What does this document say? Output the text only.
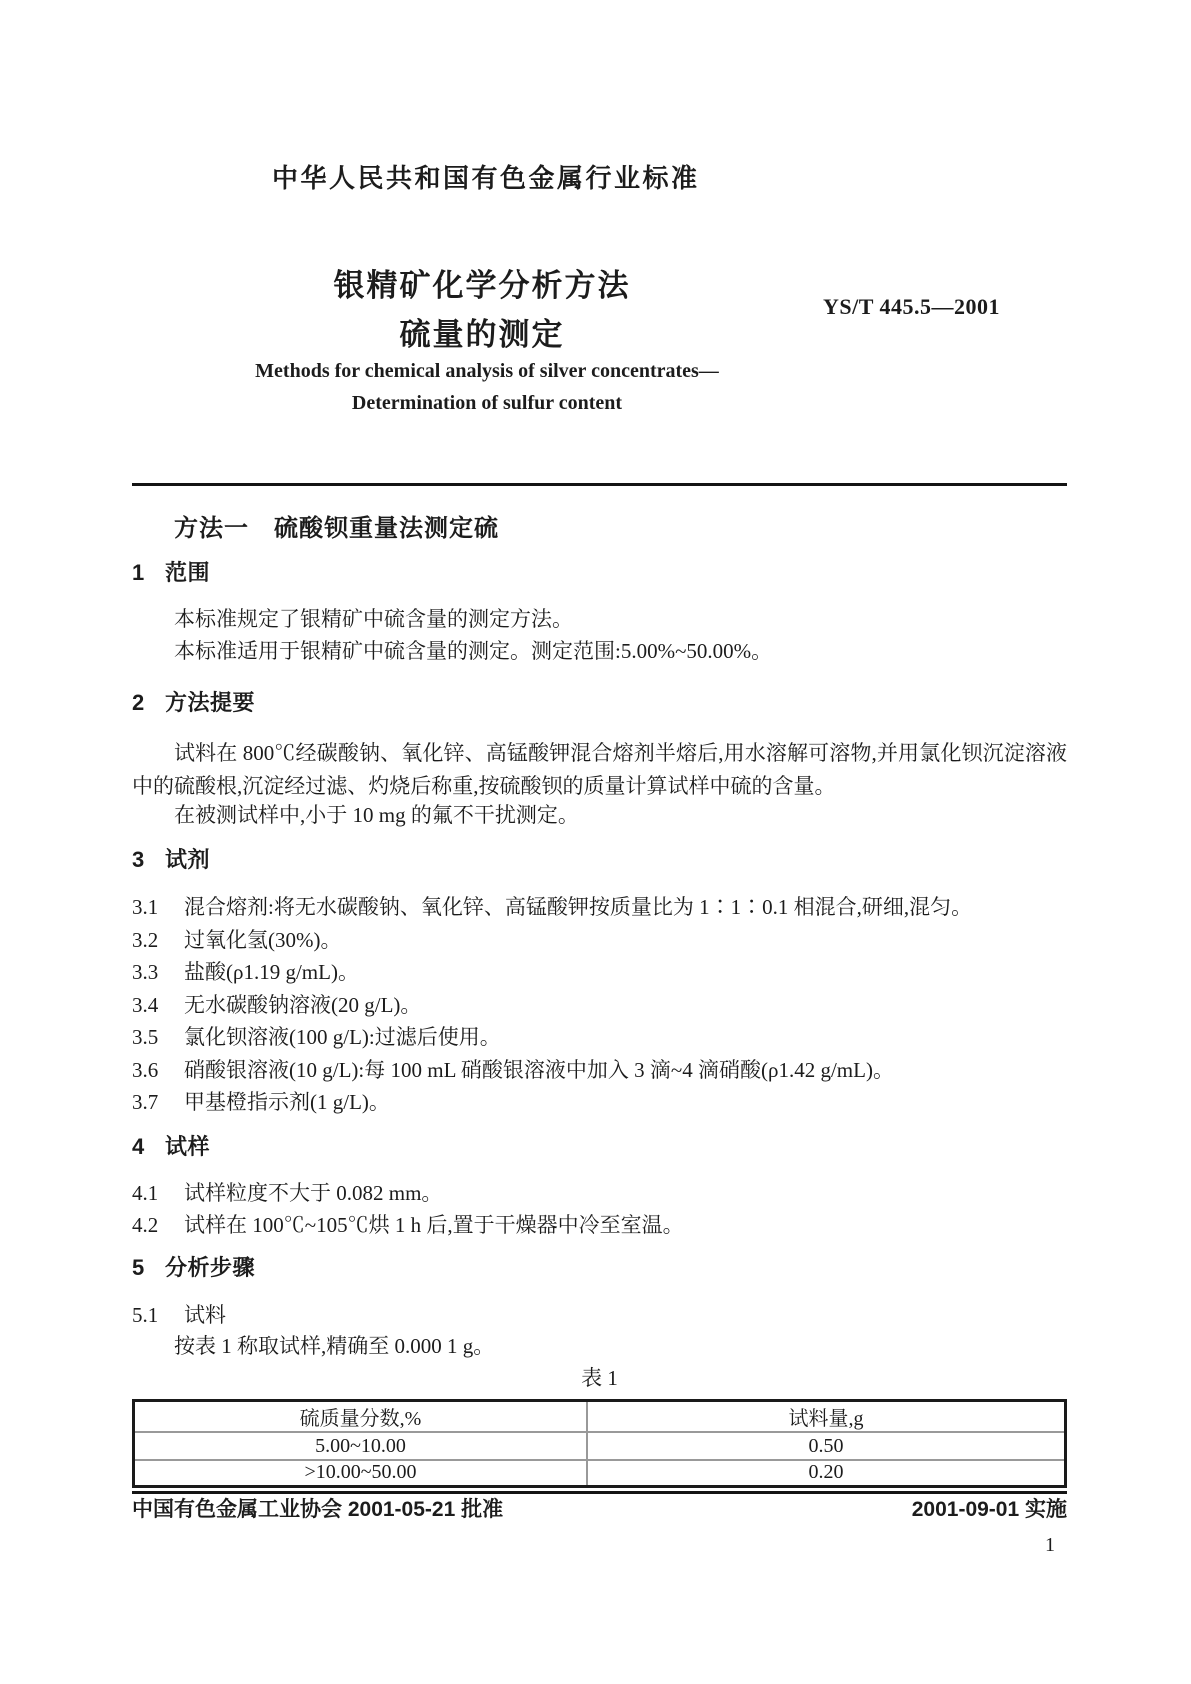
中华人民共和国有色金属行业标准
银精矿化学分析方法
硫量的测定
YS/T 445.5—2001
Methods for chemical analysis of silver concentrates—
Determination of sulfur content
方法一　硫酸钡重量法测定硫
1 范围
本标准规定了银精矿中硫含量的测定方法。
本标准适用于银精矿中硫含量的测定。测定范围:5.00%~50.00%。
2 方法提要
试料在 800℃经碳酸钠、氧化锌、高锰酸钾混合熔剂半熔后,用水溶解可溶物,并用氯化钡沉淀溶液中的硫酸根,沉淀经过滤、灼烧后称重,按硫酸钡的质量计算试样中硫的含量。
在被测试样中,小于 10 mg 的氟不干扰测定。
3 试剂
3.1 混合熔剂:将无水碳酸钠、氧化锌、高锰酸钾按质量比为 1∶1∶0.1 相混合,研细,混匀。
3.2 过氧化氢(30%)。
3.3 盐酸(ρ1.19 g/mL)。
3.4 无水碳酸钠溶液(20 g/L)。
3.5 氯化钡溶液(100 g/L):过滤后使用。
3.6 硝酸银溶液(10 g/L):每 100 mL 硝酸银溶液中加入 3 滴~4 滴硝酸(ρ1.42 g/mL)。
3.7 甲基橙指示剂(1 g/L)。
4 试样
4.1 试样粒度不大于 0.082 mm。
4.2 试样在 100℃~105℃烘 1 h 后,置于干燥器中冷至室温。
5 分析步骤
5.1 试料
按表 1 称取试样,精确至 0.000 1 g。
表 1
硫质量分数,%	试料量,g
5.00~10.00	0.50
>10.00~50.00	0.20
中国有色金属工业协会 2001-05-21 批准	2001-09-01 实施
1
